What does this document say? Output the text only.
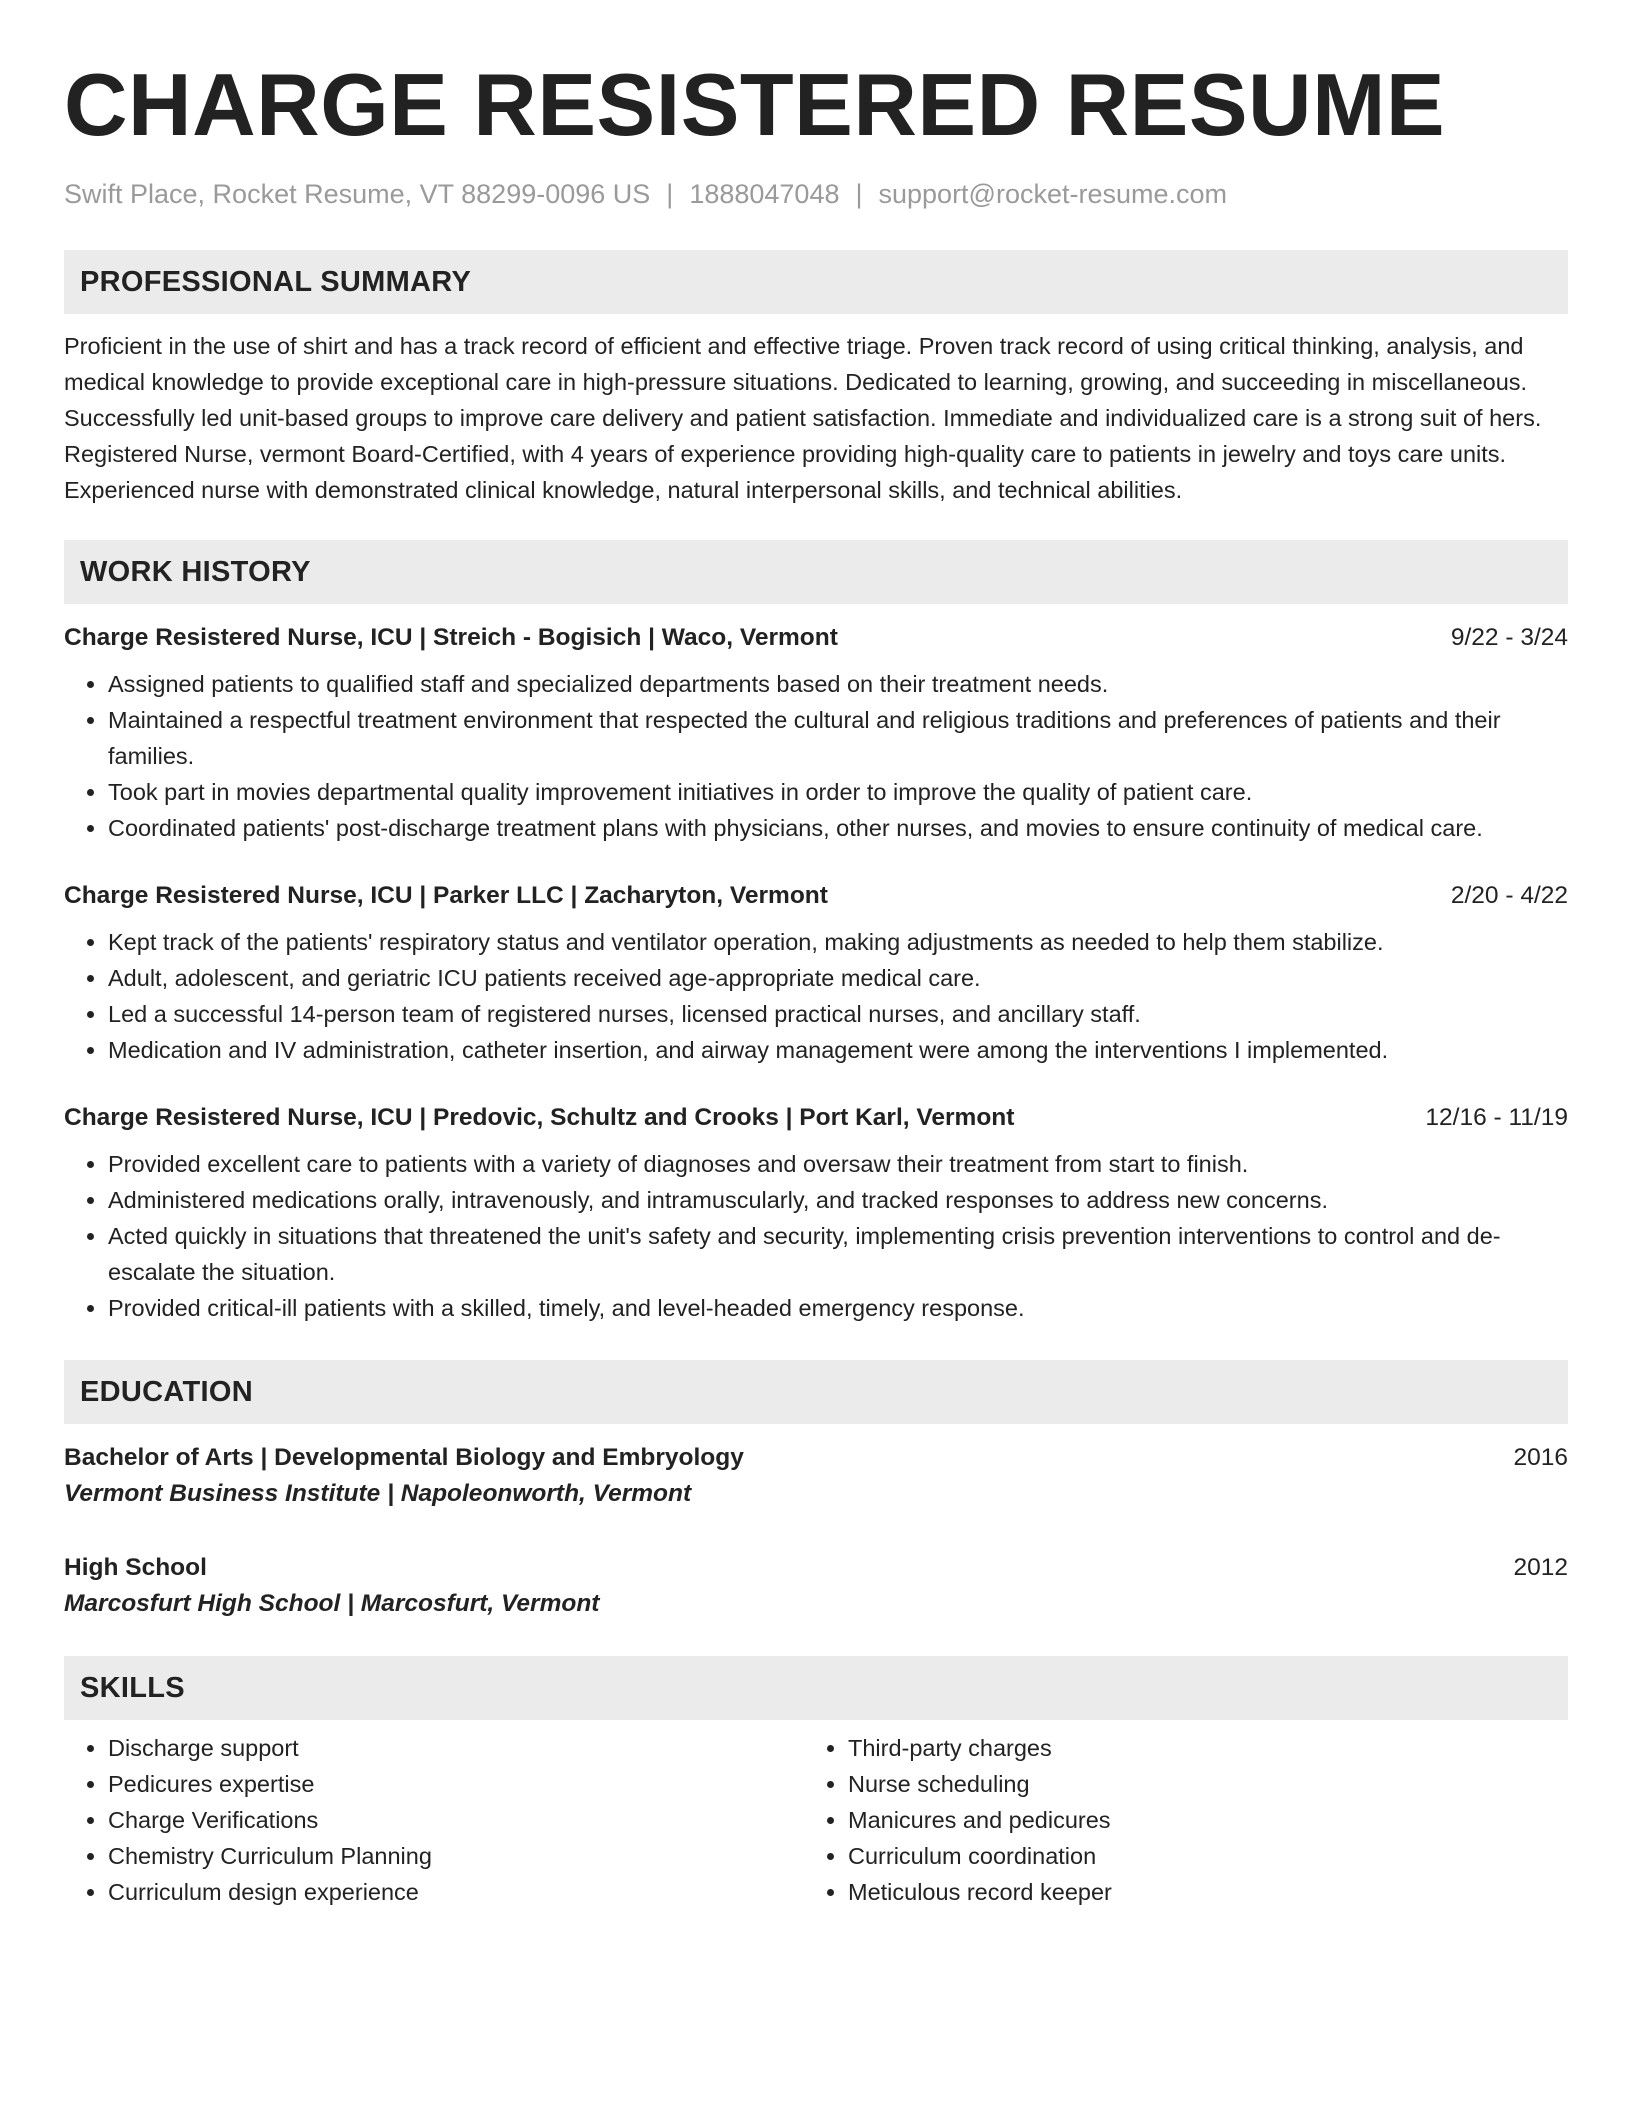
CHARGE RESISTERED RESUME
Swift Place, Rocket Resume, VT 88299-0096 US | 1888047048 | support@rocket-resume.com
PROFESSIONAL SUMMARY

Proficient in the use of shirt and has a track record of efficient and effective triage. Proven track record of using critical thinking, analysis, and medical knowledge to provide exceptional care in high-pressure situations. Dedicated to learning, growing, and succeeding in miscellaneous. Successfully led unit-based groups to improve care delivery and patient satisfaction. Immediate and individualized care is a strong suit of hers. Registered Nurse, vermont Board-Certified, with 4 years of experience providing high-quality care to patients in jewelry and toys care units. Experienced nurse with demonstrated clinical knowledge, natural interpersonal skills, and technical abilities.

WORK HISTORY
Charge Resistered Nurse, ICU | Streich - Bogisich | Waco, Vermont	9/22 - 3/24
• Assigned patients to qualified staff and specialized departments based on their treatment needs.
• Maintained a respectful treatment environment that respected the cultural and religious traditions and preferences of patients and their families.
• Took part in movies departmental quality improvement initiatives in order to improve the quality of patient care.
• Coordinated patients' post-discharge treatment plans with physicians, other nurses, and movies to ensure continuity of medical care.
Charge Resistered Nurse, ICU | Parker LLC | Zacharyton, Vermont	2/20 - 4/22
• Kept track of the patients' respiratory status and ventilator operation, making adjustments as needed to help them stabilize.
• Adult, adolescent, and geriatric ICU patients received age-appropriate medical care.
• Led a successful 14-person team of registered nurses, licensed practical nurses, and ancillary staff.
• Medication and IV administration, catheter insertion, and airway management were among the interventions I implemented.
Charge Resistered Nurse, ICU | Predovic, Schultz and Crooks | Port Karl, Vermont	12/16 - 11/19
• Provided excellent care to patients with a variety of diagnoses and oversaw their treatment from start to finish.
• Administered medications orally, intravenously, and intramuscularly, and tracked responses to address new concerns.
• Acted quickly in situations that threatened the unit's safety and security, implementing crisis prevention interventions to control and de-escalate the situation.
• Provided critical-ill patients with a skilled, timely, and level-headed emergency response.
EDUCATION
Bachelor of Arts | Developmental Biology and Embryology	2016
Vermont Business Institute | Napoleonworth, Vermont
High School	2012
Marcosfurt High School | Marcosfurt, Vermont
SKILLS
• Discharge support
• Pedicures expertise
• Charge Verifications
• Chemistry Curriculum Planning
• Curriculum design experience
• Third-party charges
• Nurse scheduling
• Manicures and pedicures
• Curriculum coordination
• Meticulous record keeper
